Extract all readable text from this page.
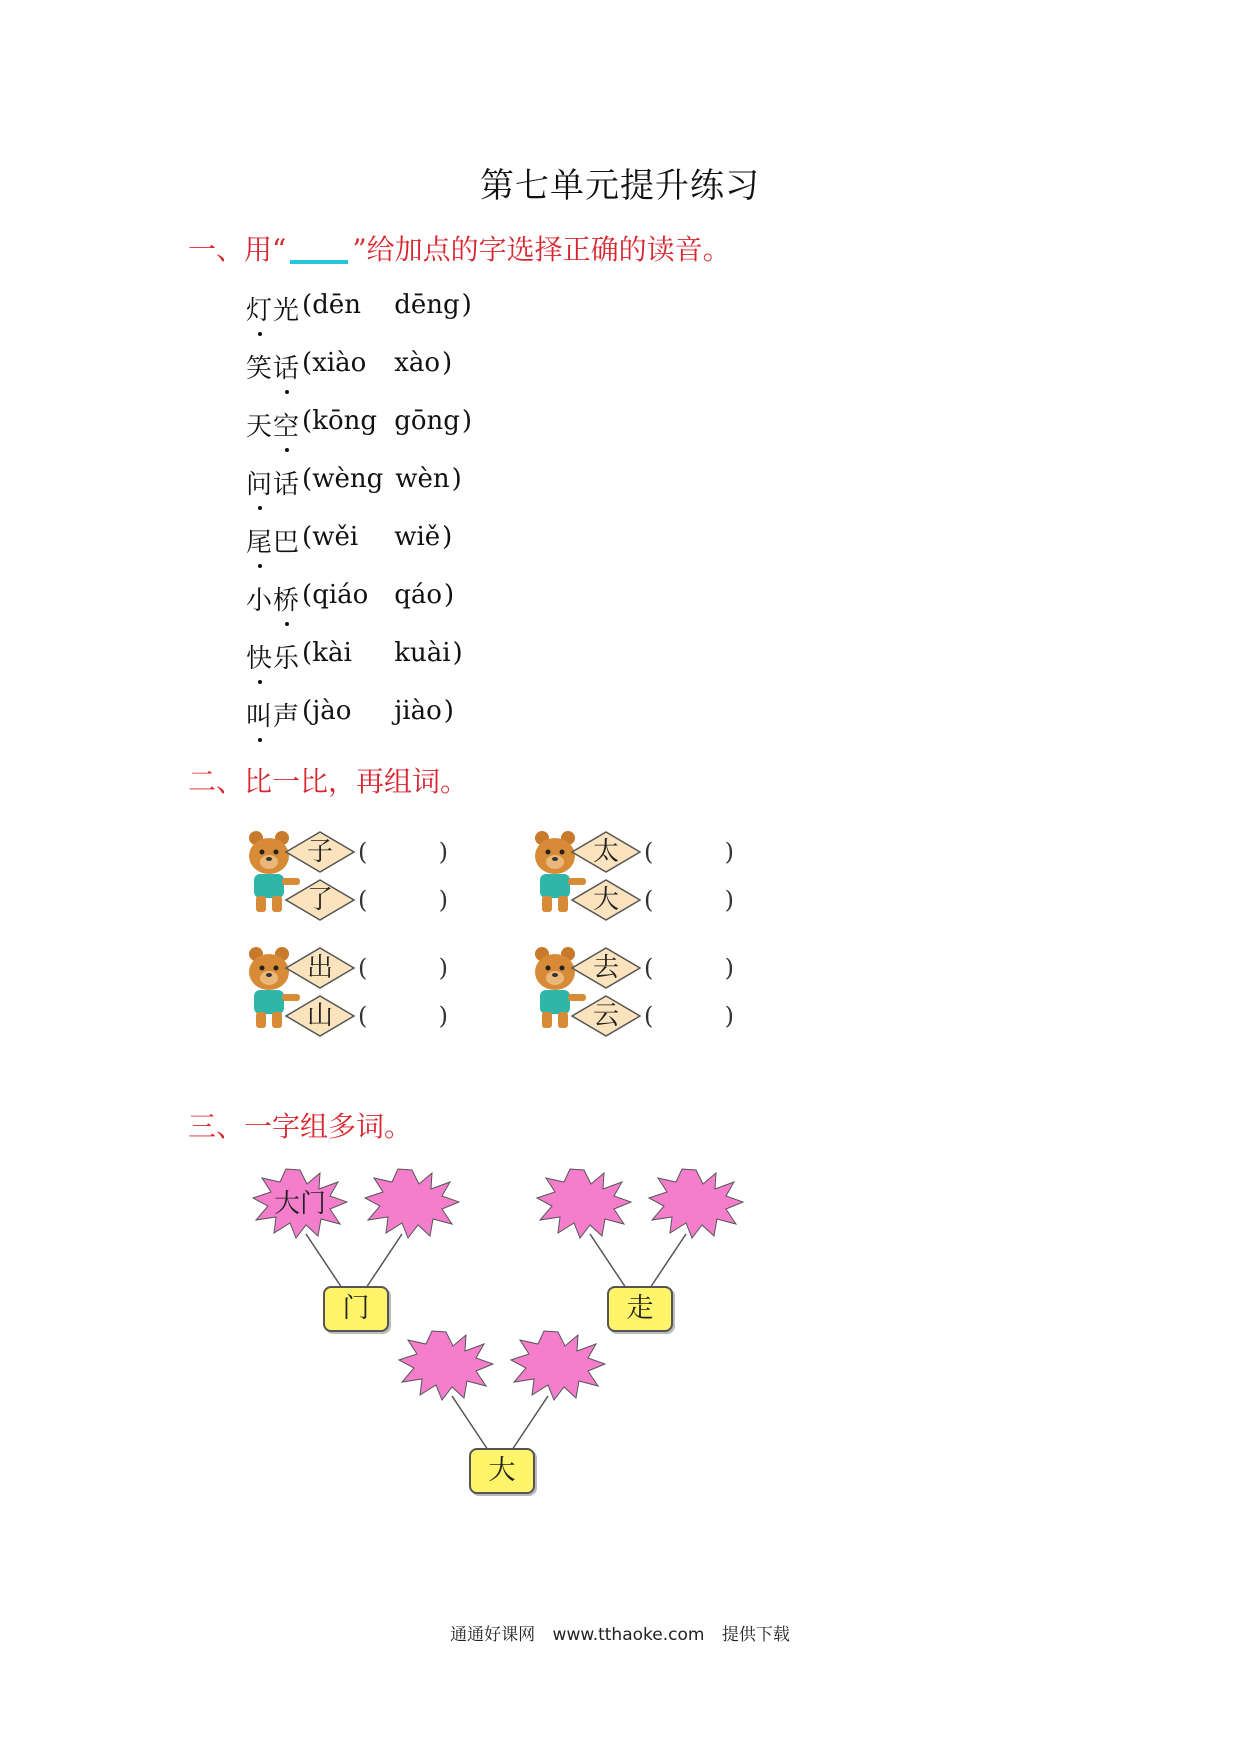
第七单元提升练习
一、用“ ”给加点的字选择正确的读音。
灯光 ( dēn	dēng )
笑话 ( xiào	xào )
天空 ( kōng gōng )
问话 ( wèng wèn )
尾巴 ( wěi	wiě )
小桥 ( qiáo qáo )
快乐 ( kài	kuài )
叫声 ( jào	jiào )
二、比一比，再组词。
子	(	)
了	(	)
太	(	)
大	(	)
出	(	)
山	(	)
去	(	)
云	(	)
三、一字组多词。
大门
门	走
大
通通好课网 www.tthaoke.com 提供下载
